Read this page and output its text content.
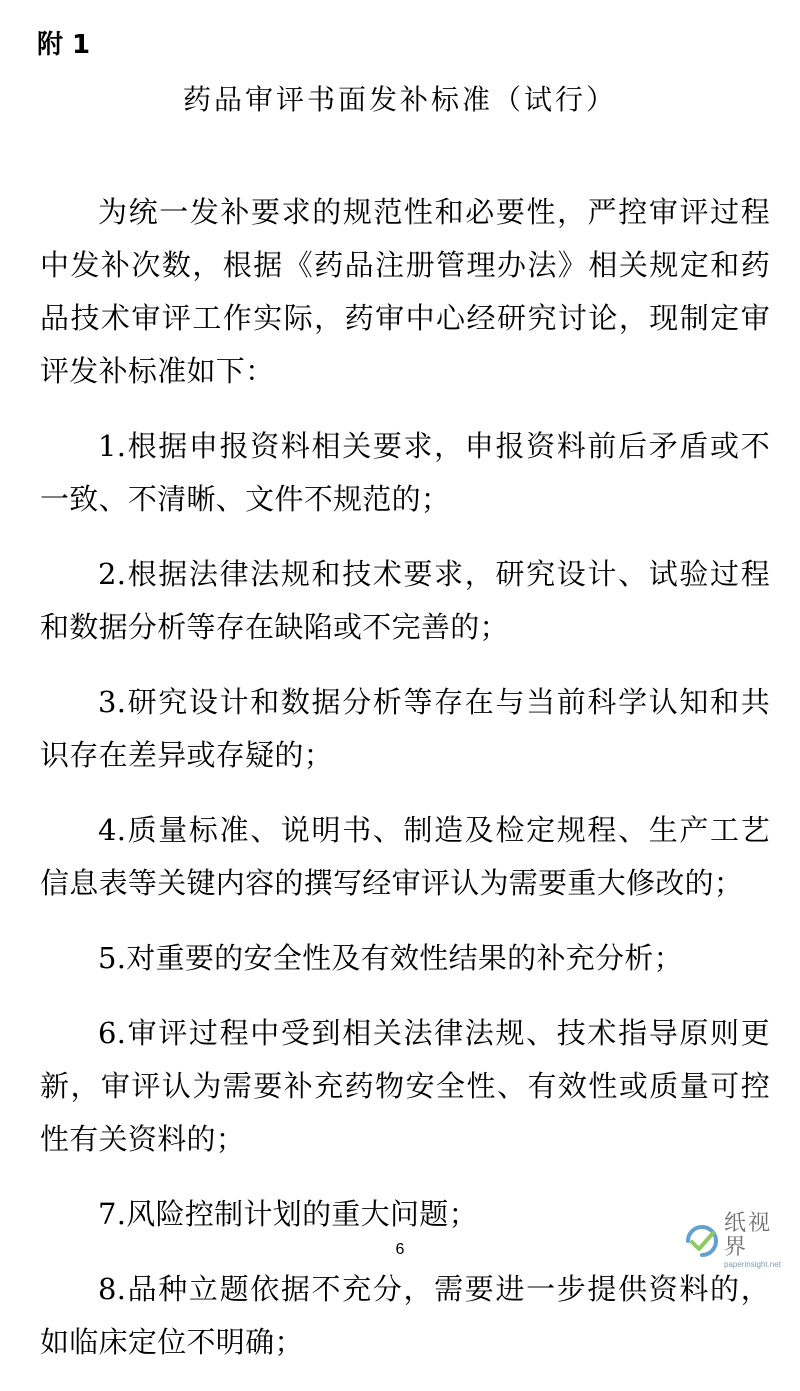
附 1
药品审评书面发补标准（试行）

为统一发补要求的规范性和必要性，严控审评过程中发补次数，根据《药品注册管理办法》相关规定和药品技术审评工作实际，药审中心经研究讨论，现制定审评发补标准如下：

1.根据申报资料相关要求，申报资料前后矛盾或不一致、不清晰、文件不规范的；

2.根据法律法规和技术要求，研究设计、试验过程和数据分析等存在缺陷或不完善的；

3.研究设计和数据分析等存在与当前科学认知和共识存在差异或存疑的；

4.质量标准、说明书、制造及检定规程、生产工艺信息表等关键内容的撰写经审评认为需要重大修改的；

5.对重要的安全性及有效性结果的补充分析；

6.审评过程中受到相关法律法规、技术指导原则更新，审评认为需要补充药物安全性、有效性或质量可控性有关资料的；

7.风险控制计划的重大问题；

8.品种立题依据不充分，需要进一步提供资料的，如临床定位不明确；

6
纸视界
paperinsight.net
